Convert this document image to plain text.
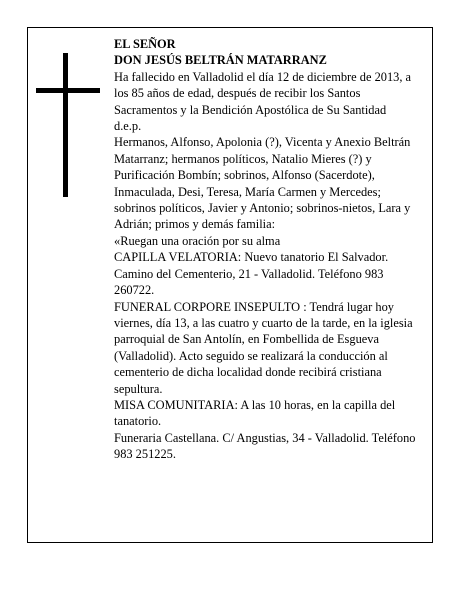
EL SEÑOR

DON JESÚS BELTRÁN MATARRANZ

Ha fallecido en Valladolid el día 12 de diciembre de 2013, a los 85 años de edad, después de recibir los Santos Sacramentos y la Bendición Apostólica de Su Santidad

d.e.p.

Hermanos, Alfonso, Apolonia (?), Vicenta y Anexio Beltrán Matarranz; hermanos políticos, Natalio Mieres (?) y Purificación Bombín; sobrinos, Alfonso (Sacerdote), Inmaculada, Desi, Teresa, María Carmen y Mercedes; sobrinos políticos, Javier y Antonio; sobrinos-nietos, Lara y Adrián; primos y demás familia:

«Ruegan una oración por su alma

CAPILLA VELATORIA: Nuevo tanatorio El Salvador. Camino del Cementerio, 21 - Valladolid. Teléfono 983 260722.

FUNERAL CORPORE INSEPULTO : Tendrá lugar hoy viernes, día 13, a las cuatro y cuarto de la tarde, en la iglesia parroquial de San Antolín, en Fombellida de Esgueva (Valladolid). Acto seguido se realizará la conducción al cementerio de dicha localidad donde recibirá cristiana sepultura.

MISA COMUNITARIA: A las 10 horas, en la capilla del tanatorio.

Funeraria Castellana. C/ Angustias, 34 - Valladolid. Teléfono 983 251225.
